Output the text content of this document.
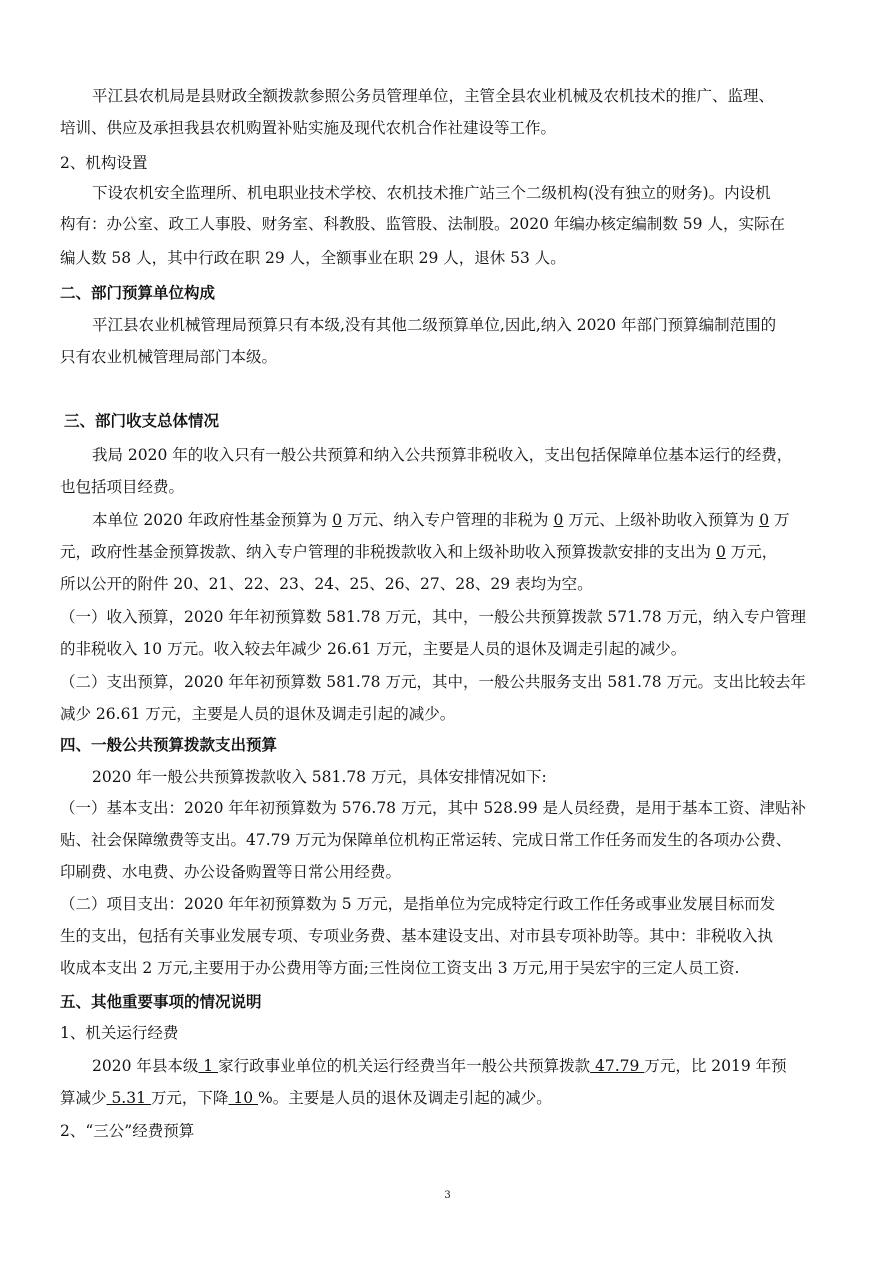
平江县农机局是县财政全额拨款参照公务员管理单位，主管全县农业机械及农机技术的推广、监理、
培训、供应及承担我县农机购置补贴实施及现代农机合作社建设等工作。
2、机构设置
下设农机安全监理所、机电职业技术学校、农机技术推广站三个二级机构(没有独立的财务)。内设机
构有：办公室、政工人事股、财务室、科教股、监管股、法制股。2020 年编办核定编制数 59 人，实际在
编人数 58 人，其中行政在职 29 人，全额事业在职 29 人，退休 53 人。
二、部门预算单位构成
平江县农业机械管理局预算只有本级,没有其他二级预算单位,因此,纳入 2020 年部门预算编制范围的
只有农业机械管理局部门本级。
三、部门收支总体情况
我局 2020 年的收入只有一般公共预算和纳入公共预算非税收入，支出包括保障单位基本运行的经费，
也包括项目经费。
本单位 2020 年政府性基金预算为 0 万元、纳入专户管理的非税为 0 万元、上级补助收入预算为 0 万
元，政府性基金预算拨款、纳入专户管理的非税拨款收入和上级补助收入预算拨款安排的支出为 0 万元，
所以公开的附件 20、21、22、23、24、25、26、27、28、29 表均为空。
（一）收入预算，2020 年年初预算数 581.78 万元，其中，一般公共预算拨款 571.78 万元，纳入专户管理
的非税收入 10 万元。收入较去年减少 26.61 万元，主要是人员的退休及调走引起的减少。
（二）支出预算，2020 年年初预算数 581.78 万元，其中，一般公共服务支出 581.78 万元。支出比较去年
减少 26.61 万元，主要是人员的退休及调走引起的减少。
四、一般公共预算拨款支出预算
2020 年一般公共预算拨款收入 581.78 万元，具体安排情况如下:
（一）基本支出：2020 年年初预算数为 576.78 万元，其中 528.99 是人员经费，是用于基本工资、津贴补
贴、社会保障缴费等支出。47.79 万元为保障单位机构正常运转、完成日常工作任务而发生的各项办公费、
印刷费、水电费、办公设备购置等日常公用经费。
（二）项目支出：2020 年年初预算数为 5 万元，是指单位为完成特定行政工作任务或事业发展目标而发
生的支出，包括有关事业发展专项、专项业务费、基本建设支出、对市县专项补助等。其中：非税收入执
收成本支出 2 万元,主要用于办公费用等方面;三性岗位工资支出 3 万元,用于吴宏宇的三定人员工资.
五、其他重要事项的情况说明
1、机关运行经费
2020 年县本级 1 家行政事业单位的机关运行经费当年一般公共预算拨款 47.79 万元，比 2019 年预
算减少 5.31 万元，下降 10 %。主要是人员的退休及调走引起的减少。
2、“三公”经费预算
3
